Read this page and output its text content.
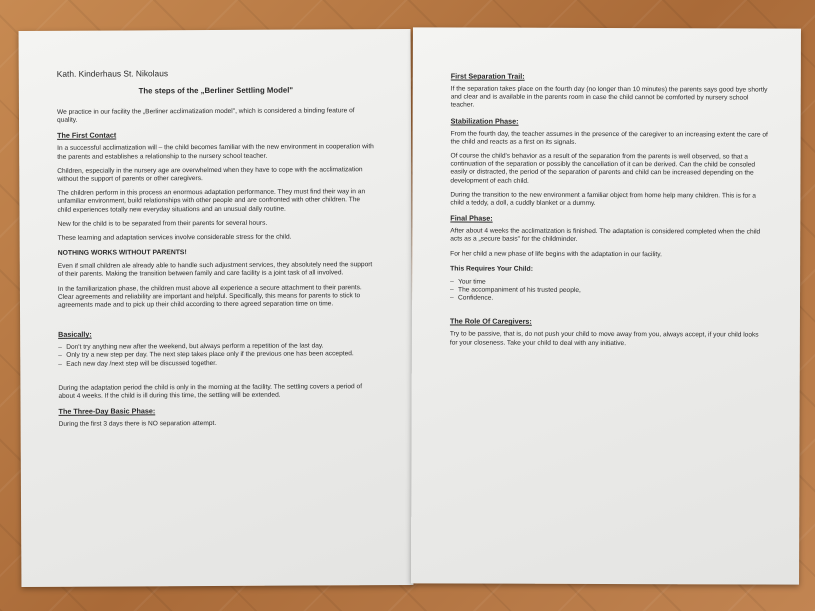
Kath. Kinderhaus St. Nikolaus

The steps of the „Berliner Settling Model"

We practice in our facility the „Berliner acclimatization model", which is considered a binding feature of quality.

The First Contact

In a successful acclimatization will – the child becomes familiar with the new environment in cooperation with the parents and establishes a relationship to the nursery school teacher.

Children, especially in the nursery age are overwhelmed when they have to cope with the acclimatization without the support of parents or other caregivers.

The children perform in this process an enormous adaptation performance. They must find their way in an unfamiliar environment, build relationships with other people and are confronted with other children. The child experiences totally new everyday situations and an unusual daily routine.

New for the child is to be separated from their parents for several hours.

These learning and adaptation services involve considerable stress for the child.

NOTHING WORKS WITHOUT PARENTS!

Even if small children ale already able to handle such adjustment services, they absolutely need the support of their parents. Making the transition between family and care facility is a joint task of all involved.

In the familiarization phase, the children must above all experience a secure attachment to their parents. Clear agreements and reliability are important and helpful. Specifically, this means for parents to stick to agreements made and to pick up their child according to there agreed separation time on time.

Basically:

– Don't try anything new after the weekend, but always perform a repetition of the last day.
– Only try a new step per day. The next step takes place only if the previous one has been accepted.
– Each new day /next step will be discussed together.

During the adaptation period the child is only in the morning at the facility. The settling covers a period of about 4 weeks. If the child is ill during this time, the settling will be extended.

The Three-Day Basic Phase:

During the first 3 days there is NO separation attempt.

First Separation Trail:

If the separation takes place on the fourth day (no longer than 10 minutes) the parents says good bye shortly and clear and is available in the parents room in case the child cannot be comforted by nursery school teacher.

Stabilization Phase:

From the fourth day, the teacher assumes in the presence of the caregiver to an increasing extent the care of the child and reacts as a first on its signals.

Of course the child's behavior as a result of the separation from the parents is well observed, so that a continuation of the separation or possibly the cancellation of it can be derived. Can the child be consoled easily or distracted, the period of the separation of parents and child can be increased depending on the development of each child.

During the transition to the new environment a familiar object from home help many children. This is for a child a teddy, a doll, a cuddly blanket or a dummy.

Final Phase:

After about 4 weeks the acclimatization is finished. The adaptation is considered completed when the child acts as a „secure basis" for the childminder.

For her child a new phase of life begins with the adaptation in our facility.

This Requires Your Child:

– Your time
– The accompaniment of his trusted people,
– Confidence.

The Role Of Caregivers:

Try to be passive, that is, do not push your child to move away from you, always accept, if your child looks for your closeness. Take your child to deal with any initiative.
